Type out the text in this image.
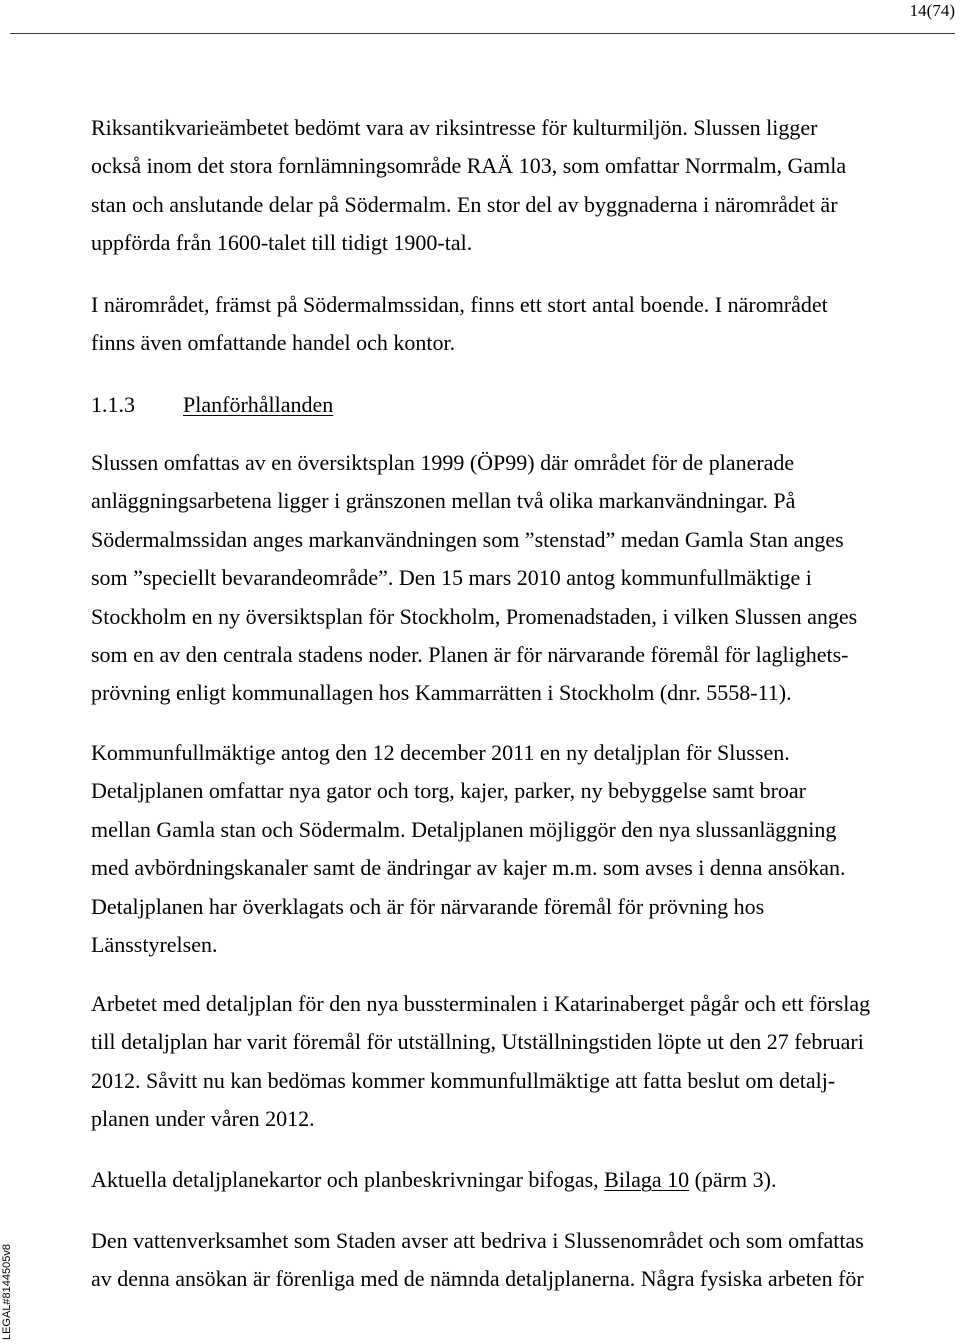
14(74)
LEGAL#8144505v8
Riksantikvarieämbetet bedömt vara av riksintresse för kulturmiljön. Slussen ligger
också inom det stora fornlämningsområde RAÄ 103, som omfattar Norrmalm, Gamla
stan och anslutande delar på Södermalm. En stor del av byggnaderna i närområdet är
uppförda från 1600-talet till tidigt 1900-tal.
I närområdet, främst på Södermalmssidan, finns ett stort antal boende. I närområdet
finns även omfattande handel och kontor.
1.1.3 Planförhållanden
Slussen omfattas av en översiktsplan 1999 (ÖP99) där området för de planerade
anläggningsarbetena ligger i gränszonen mellan två olika markanvändningar. På
Södermalmssidan anges markanvändningen som ”stenstad” medan Gamla Stan anges
som ”speciellt bevarandeområde”. Den 15 mars 2010 antog kommunfullmäktige i
Stockholm en ny översiktsplan för Stockholm, Promenadstaden, i vilken Slussen anges
som en av den centrala stadens noder. Planen är för närvarande föremål för laglighets-
prövning enligt kommunallagen hos Kammarrätten i Stockholm (dnr. 5558-11).
Kommunfullmäktige antog den 12 december 2011 en ny detaljplan för Slussen.
Detaljplanen omfattar nya gator och torg, kajer, parker, ny bebyggelse samt broar
mellan Gamla stan och Södermalm. Detaljplanen möjliggör den nya slussanläggning
med avbördningskanaler samt de ändringar av kajer m.m. som avses i denna ansökan.
Detaljplanen har överklagats och är för närvarande föremål för prövning hos
Länsstyrelsen.
Arbetet med detaljplan för den nya bussterminalen i Katarinaberget pågår och ett förslag
till detaljplan har varit föremål för utställning, Utställningstiden löpte ut den 27 februari
2012. Såvitt nu kan bedömas kommer kommunfullmäktige att fatta beslut om detalj-
planen under våren 2012.
Aktuella detaljplanekartor och planbeskrivningar bifogas, Bilaga 10 (pärm 3).
Den vattenverksamhet som Staden avser att bedriva i Slussenområdet och som omfattas
av denna ansökan är förenliga med de nämnda detaljplanerna. Några fysiska arbeten för
